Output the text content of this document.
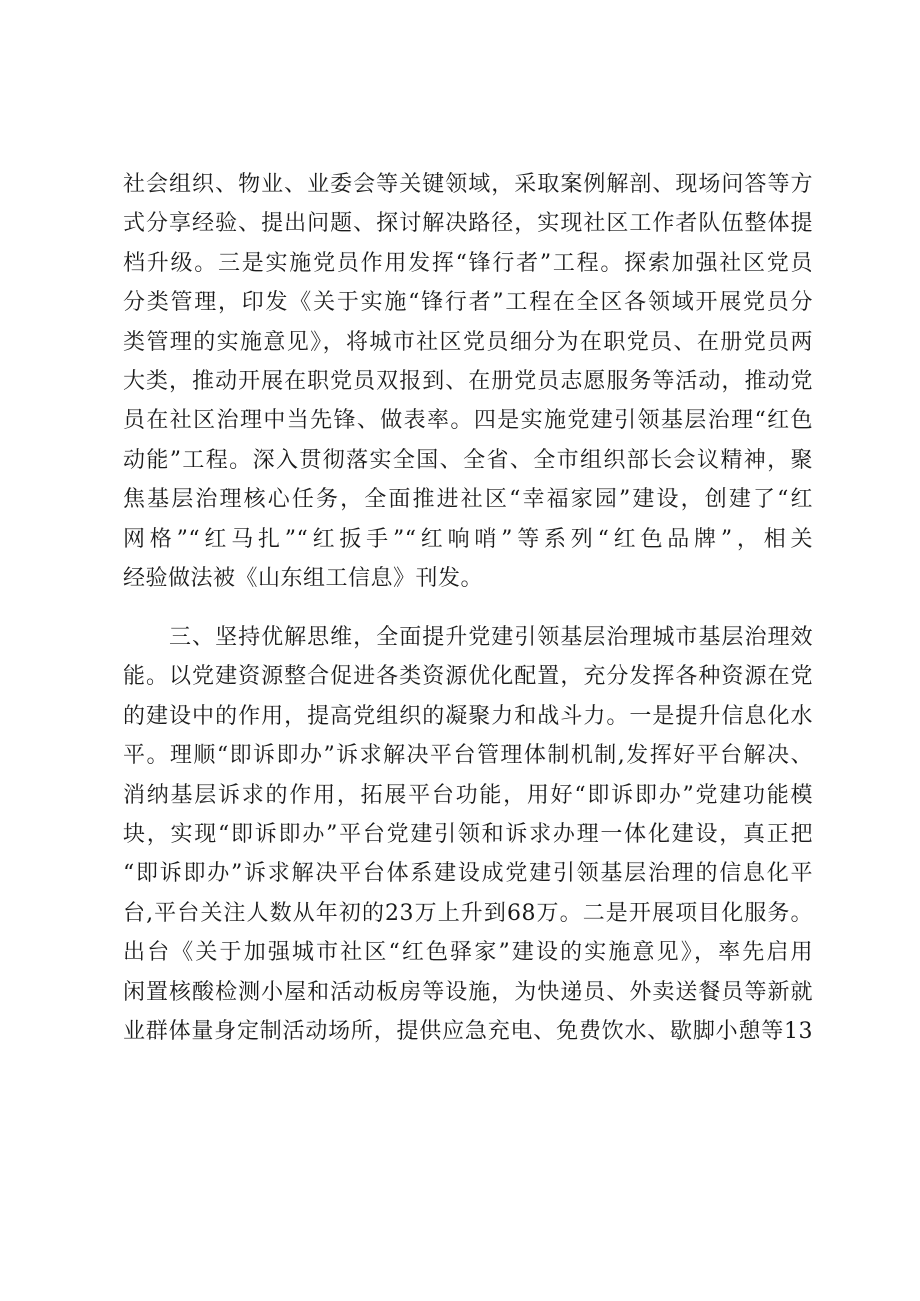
社会组织、物业、业委会等关键领域，采取案例解剖、现场问答等方
式分享经验、提出问题、探讨解决路径，实现社区工作者队伍整体提
档升级。三是实施党员作用发挥“锋行者”工程。探索加强社区党员
分类管理，印发《关于实施“锋行者”工程在全区各领域开展党员分
类管理的实施意见》，将城市社区党员细分为在职党员、在册党员两
大类，推动开展在职党员双报到、在册党员志愿服务等活动，推动党
员在社区治理中当先锋、做表率。四是实施党建引领基层治理“红色
动能”工程。深入贯彻落实全国、全省、全市组织部长会议精神，聚
焦基层治理核心任务，全面推进社区“幸福家园”建设，创建了“红
网格”“红马扎”“红扳手”“红响哨”等系列“红色品牌”，相关
经验做法被《山东组工信息》刊发。
　　三、坚持优解思维，全面提升党建引领基层治理城市基层治理效
能。以党建资源整合促进各类资源优化配置，充分发挥各种资源在党
的建设中的作用，提高党组织的凝聚力和战斗力。一是提升信息化水
平。理顺“即诉即办”诉求解决平台管理体制机制,发挥好平台解决、
消纳基层诉求的作用，拓展平台功能，用好“即诉即办”党建功能模
块，实现“即诉即办”平台党建引领和诉求办理一体化建设，真正把
“即诉即办”诉求解决平台体系建设成党建引领基层治理的信息化平
台,平台关注人数从年初的23万上升到68万。二是开展项目化服务。
出台《关于加强城市社区“红色驿家”建设的实施意见》，率先启用
闲置核酸检测小屋和活动板房等设施，为快递员、外卖送餐员等新就
业群体量身定制活动场所，提供应急充电、免费饮水、歇脚小憩等13
